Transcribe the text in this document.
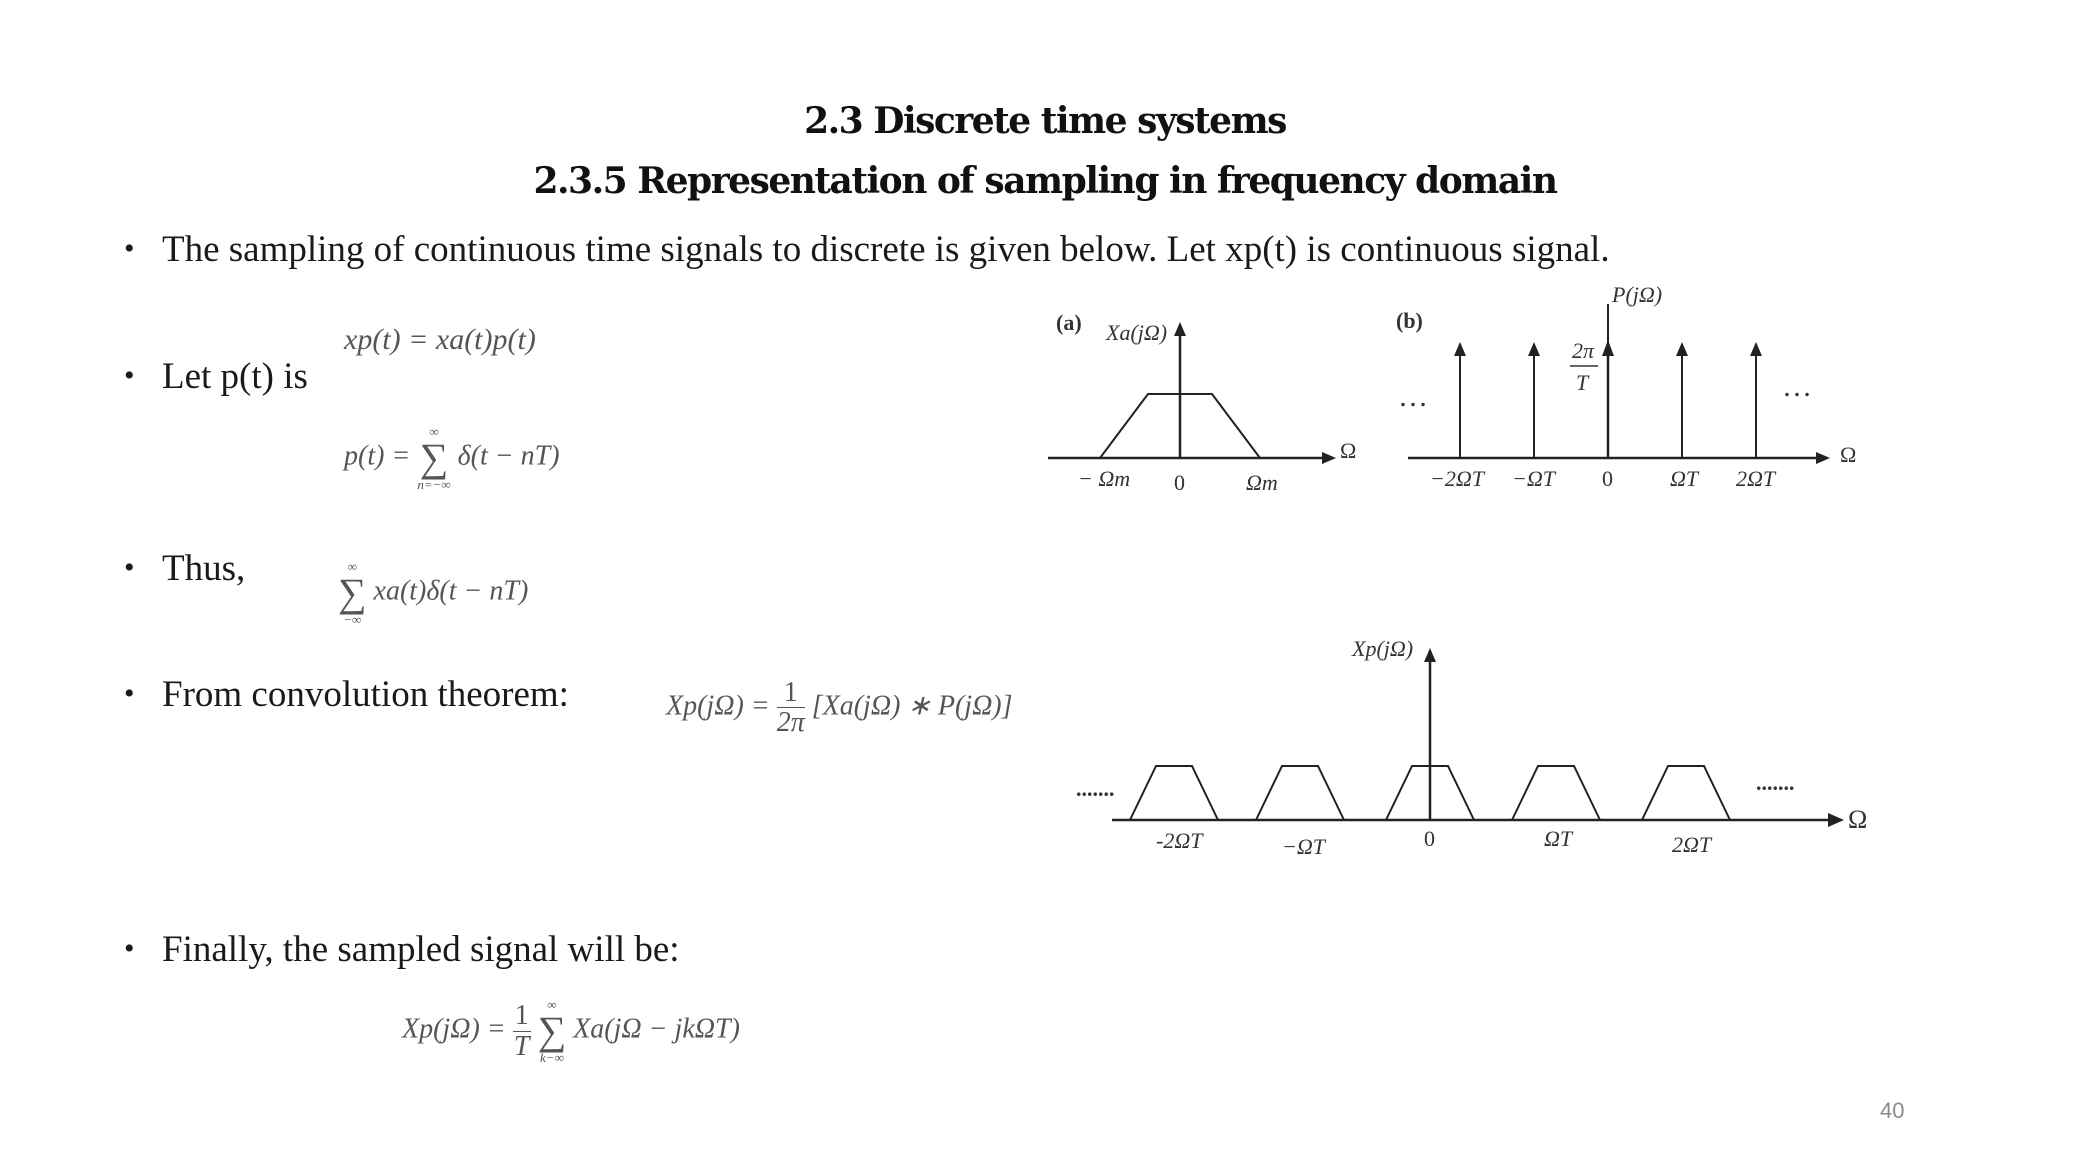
2.3 Discrete time systems
2.3.5 Representation of sampling in frequency domain
• The sampling of continuous time signals to discrete is given below. Let xp(t) is continuous signal.
• Let p(t) is
• Thus,
• From convolution theorem:
• Finally, the sampled signal will be:
xp(t) = xa(t)p(t)
p(t) =
∞
∑
n=−∞
δ(t − nT)
∞
∑
−∞
xa(t)δ(t − nT)
$Xp(j\Omega) = \frac{1}{2\pi} [Xa(j\Omega)$ ∗ P(jΩ)]
$Xp(j\Omega) = \frac{1}{T}$
	∞
∑
k−∞
Xa(jΩ − jkΩT)
(a) Xa(jΩ)
Ω
− Ωm 0	Ωm
(b)
P(jΩ)
…	…
Ω
2π
T
−2ΩT −ΩT 0	ΩT 2ΩT
Xp(jΩ)
Ω
.......	.......
-2ΩT	−ΩT	0	ΩT	2ΩT
40
